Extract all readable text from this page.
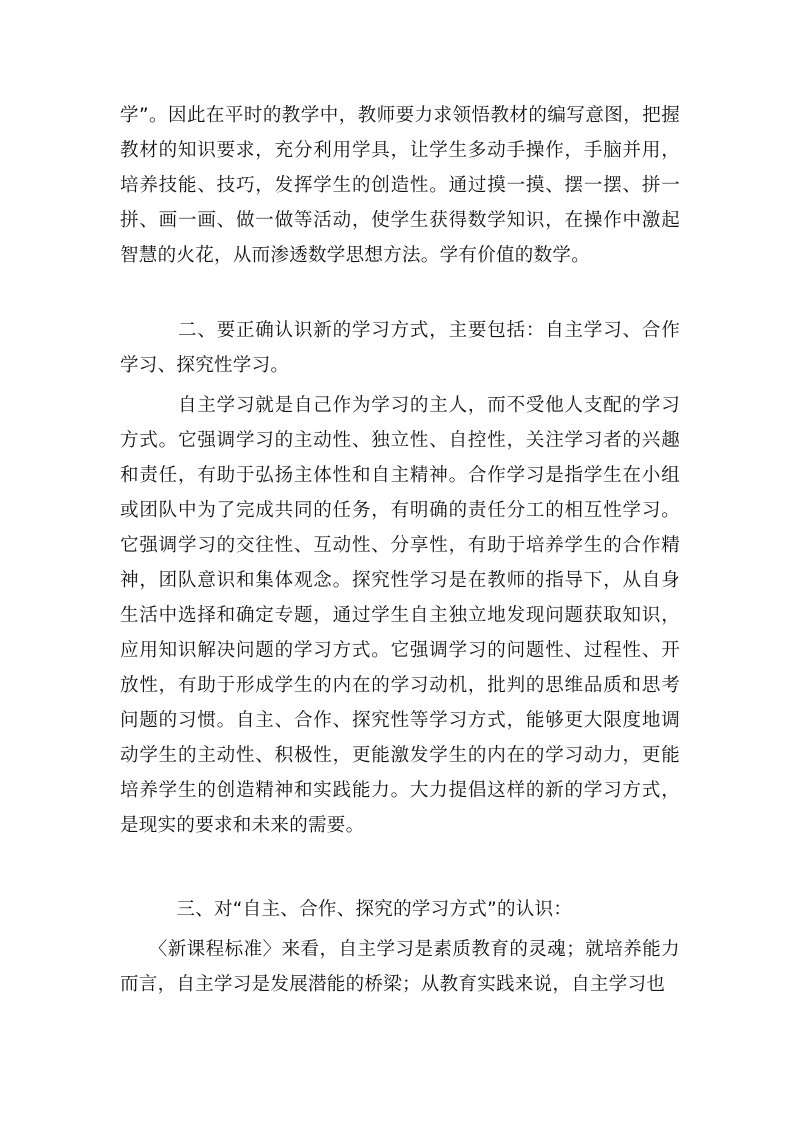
学”。因此在平时的教学中，教师要力求领悟教材的编写意图，把握教材的知识要求，充分利用学具，让学生多动手操作，手脑并用，培养技能、技巧，发挥学生的创造性。通过摸一摸、摆一摆、拼一拼、画一画、做一做等活动，使学生获得数学知识，在操作中激起智慧的火花，从而渗透数学思想方法。学有价值的数学。
　　　二、要正确认识新的学习方式，主要包括：自主学习、合作学习、探究性学习。
　　　自主学习就是自己作为学习的主人，而不受他人支配的学习方式。它强调学习的主动性、独立性、自控性，关注学习者的兴趣和责任，有助于弘扬主体性和自主精神。合作学习是指学生在小组或团队中为了完成共同的任务，有明确的责任分工的相互性学习。它强调学习的交往性、互动性、分享性，有助于培养学生的合作精神，团队意识和集体观念。探究性学习是在教师的指导下，从自身生活中选择和确定专题，通过学生自主独立地发现问题获取知识，应用知识解决问题的学习方式。它强调学习的问题性、过程性、开放性，有助于形成学生的内在的学习动机，批判的思维品质和思考问题的习惯。自主、合作、探究性等学习方式，能够更大限度地调动学生的主动性、积极性，更能激发学生的内在的学习动力，更能培养学生的创造精神和实践能力。大力提倡这样的新的学习方式，是现实的要求和未来的需要。
　　　三、对“自主、合作、探究的学习方式”的认识：
　　〈新课程标准〉来看，自主学习是素质教育的灵魂；就培养能力而言，自主学习是发展潜能的桥梁；从教育实践来说，自主学习也
